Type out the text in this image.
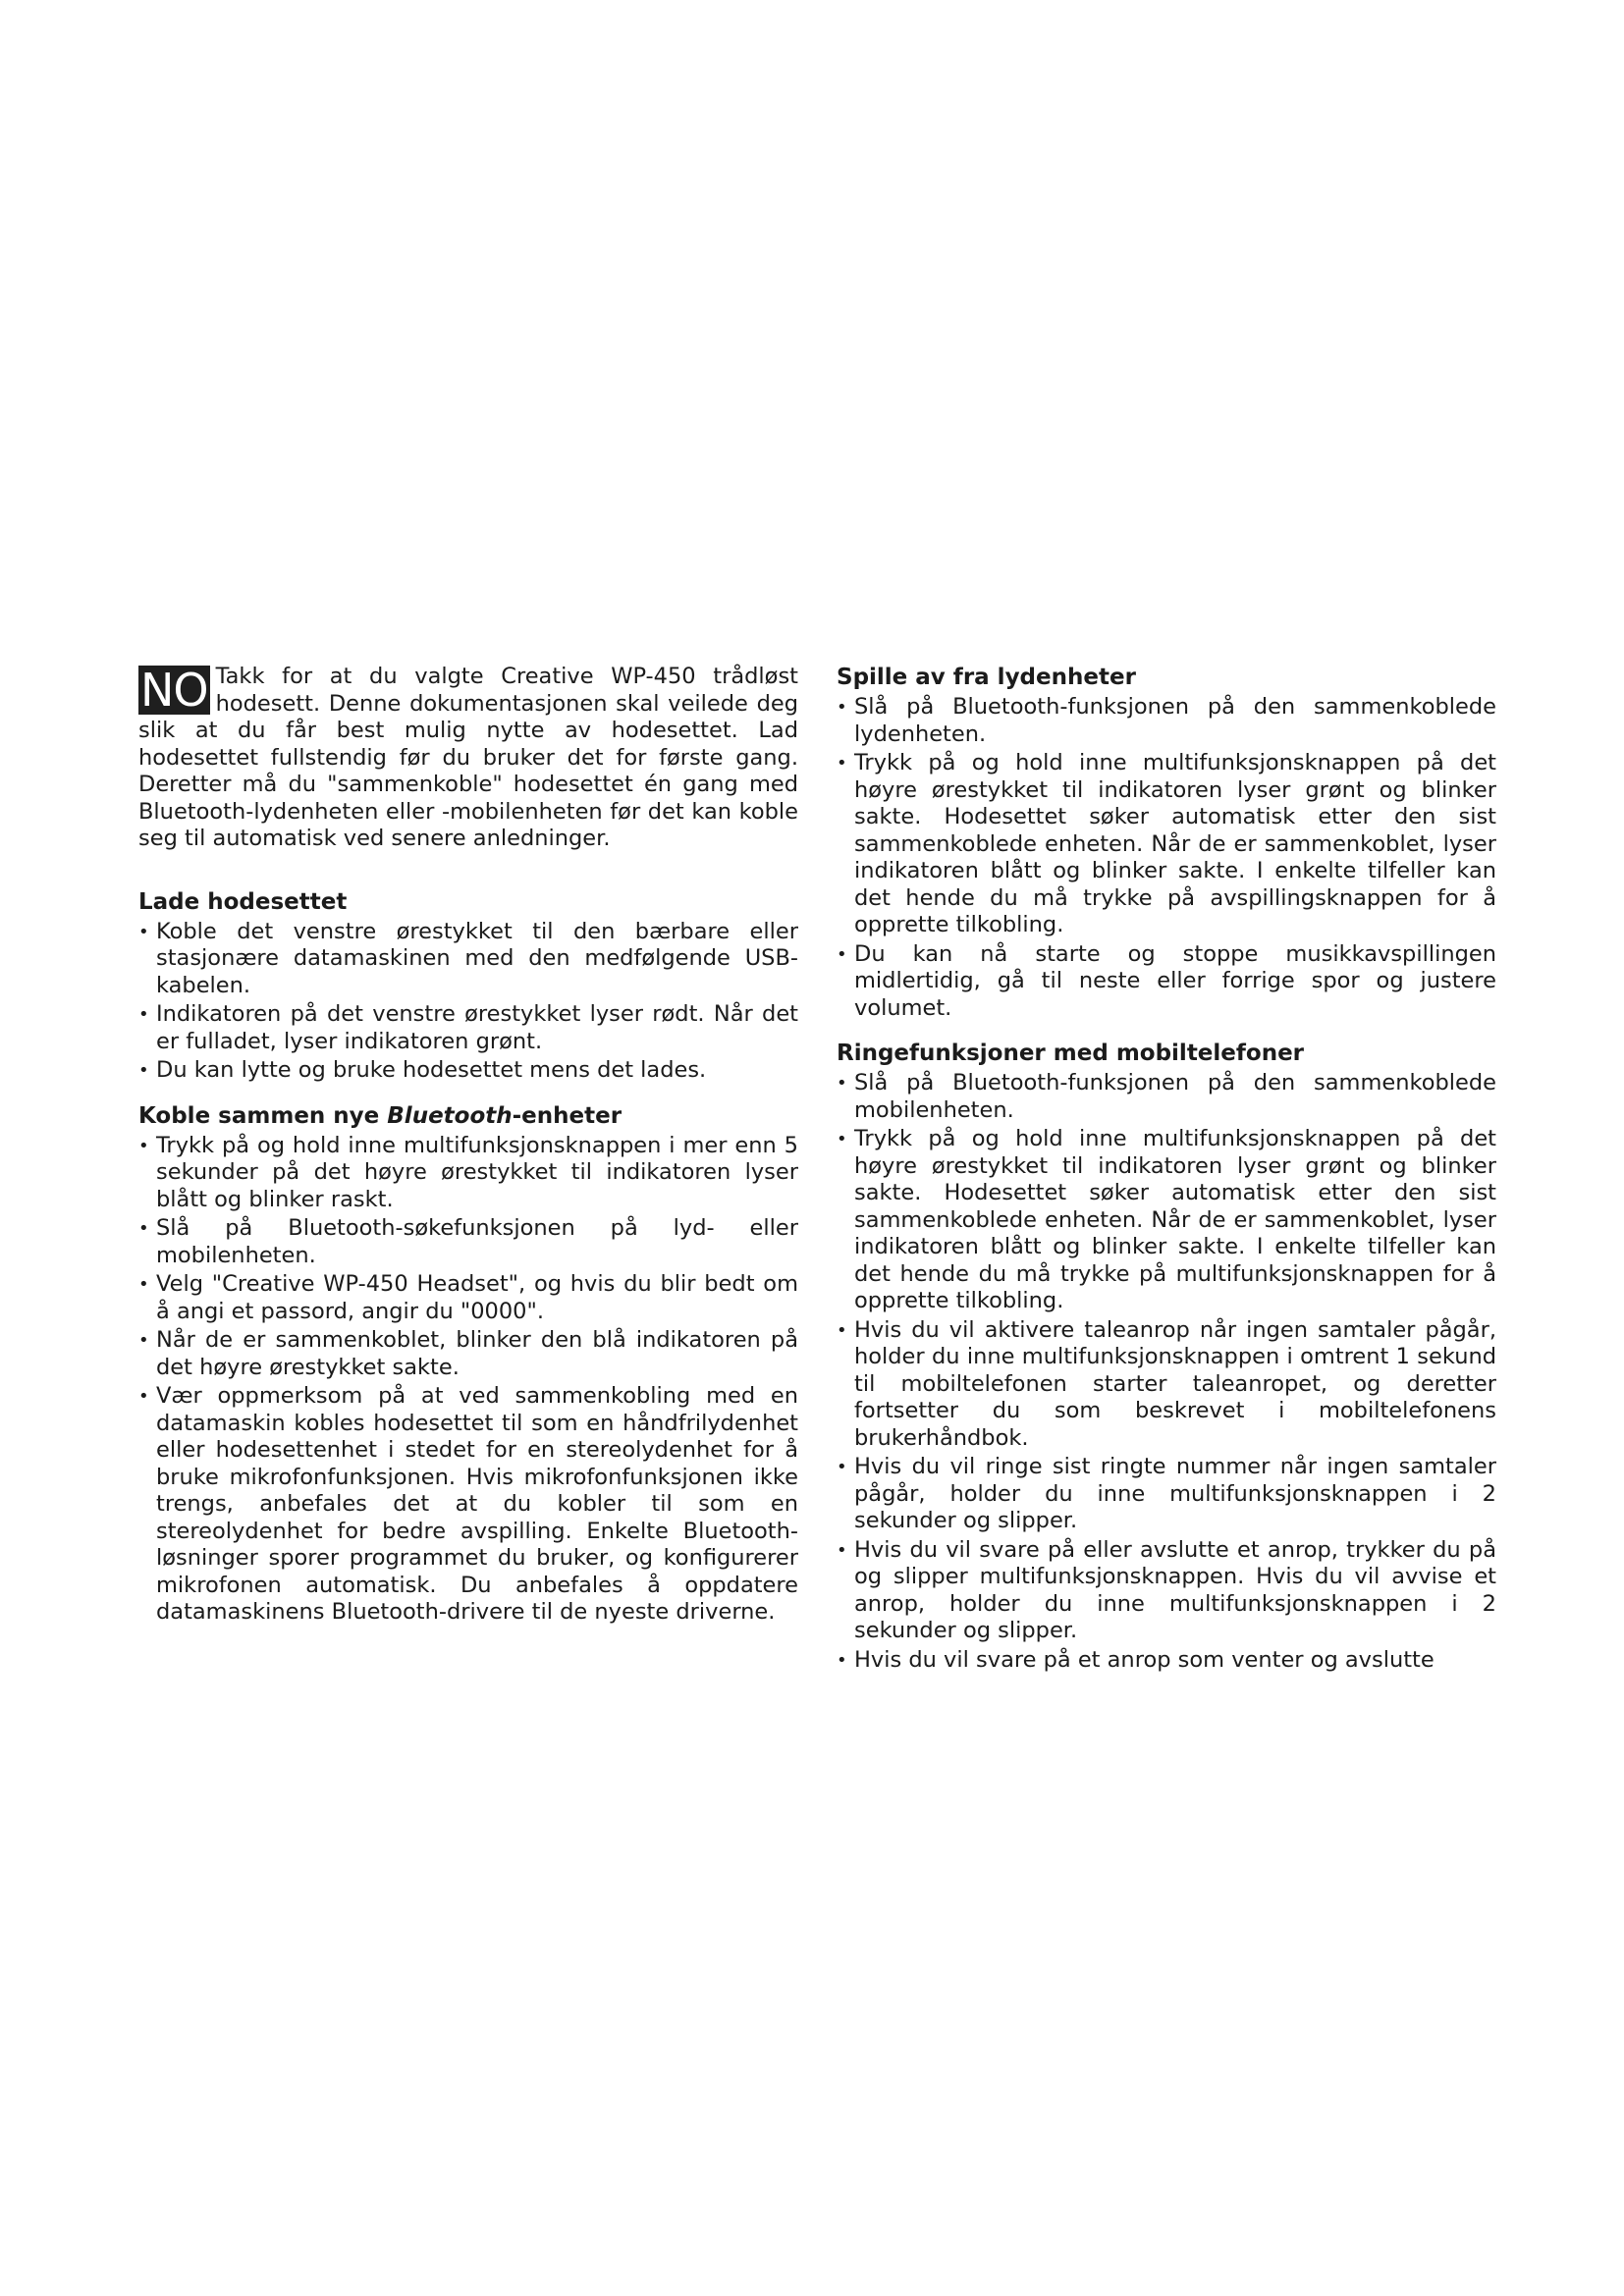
NO Takk for at du valgte Creative WP-450 trådløst hodesett. Denne dokumentasjonen skal veilede deg slik at du får best mulig nytte av hodesettet. Lad hodesettet fullstendig før du bruker det for første gang. Deretter må du "sammenkoble" hodesettet én gang med Bluetooth-lydenheten eller -mobilenheten før det kan koble seg til automatisk ved senere anledninger.

Lade hodesettet
• Koble det venstre ørestykket til den bærbare eller stasjonære datamaskinen med den medfølgende USB-kabelen.
• Indikatoren på det venstre ørestykket lyser rødt. Når det er fulladet, lyser indikatoren grønt.
• Du kan lytte og bruke hodesettet mens det lades.
Koble sammen nye Bluetooth-enheter
• Trykk på og hold inne multifunksjonsknappen i mer enn 5 sekunder på det høyre ørestykket til indikatoren lyser blått og blinker raskt.
• Slå på Bluetooth-søkefunksjonen på lyd- eller mobilenheten.
• Velg "Creative WP-450 Headset", og hvis du blir bedt om å angi et passord, angir du "0000".
• Når de er sammenkoblet, blinker den blå indikatoren på det høyre ørestykket sakte.
• Vær oppmerksom på at ved sammenkobling med en datamaskin kobles hodesettet til som en håndfrilydenhet eller hodesettenhet i stedet for en stereolydenhet for å bruke mikrofonfunksjonen. Hvis mikrofonfunksjonen ikke trengs, anbefales det at du kobler til som en stereolydenhet for bedre avspilling. Enkelte Bluetooth-løsninger sporer programmet du bruker, og konfigurerer mikrofonen automatisk. Du anbefales å oppdatere datamaskinens Bluetooth-drivere til de nyeste driverne.
Spille av fra lydenheter
• Slå på Bluetooth-funksjonen på den sammenkoblede lydenheten.
• Trykk på og hold inne multifunksjonsknappen på det høyre ørestykket til indikatoren lyser grønt og blinker sakte. Hodesettet søker automatisk etter den sist sammenkoblede enheten. Når de er sammenkoblet, lyser indikatoren blått og blinker sakte. I enkelte tilfeller kan det hende du må trykke på avspillingsknappen for å opprette tilkobling.
• Du kan nå starte og stoppe musikkavspillingen midlertidig, gå til neste eller forrige spor og justere volumet.
Ringefunksjoner med mobiltelefoner
• Slå på Bluetooth-funksjonen på den sammenkoblede mobilenheten.
• Trykk på og hold inne multifunksjonsknappen på det høyre ørestykket til indikatoren lyser grønt og blinker sakte. Hodesettet søker automatisk etter den sist sammenkoblede enheten. Når de er sammenkoblet, lyser indikatoren blått og blinker sakte. I enkelte tilfeller kan det hende du må trykke på multifunksjonsknappen for å opprette tilkobling.
• Hvis du vil aktivere taleanrop når ingen samtaler pågår, holder du inne multifunksjonsknappen i omtrent 1 sekund til mobiltelefonen starter taleanropet, og deretter fortsetter du som beskrevet i mobiltelefonens brukerhåndbok.
• Hvis du vil ringe sist ringte nummer når ingen samtaler pågår, holder du inne multifunksjonsknappen i 2 sekunder og slipper.
• Hvis du vil svare på eller avslutte et anrop, trykker du på og slipper multifunksjonsknappen. Hvis du vil avvise et anrop, holder du inne multifunksjonsknappen i 2 sekunder og slipper.
• Hvis du vil svare på et anrop som venter og avslutte
